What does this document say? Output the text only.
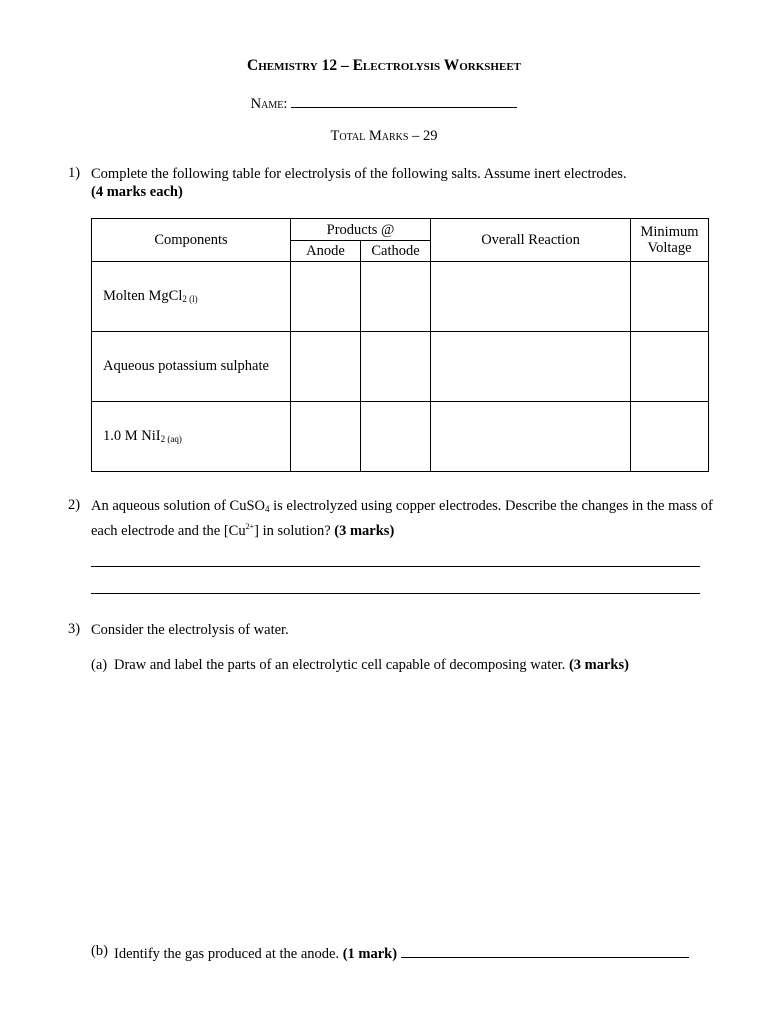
Chemistry 12 – Electrolysis Worksheet
Name:
Total Marks – 29
1) Complete the following table for electrolysis of the following salts. Assume inert electrodes.
(4 marks each)
Components	Products @		Overall Reaction	Minimum
Voltage
	Anode	Cathode		
Molten MgCl$_2$ $_{(l)}$				
Aqueous potassium sulphate				
1.0 M NiI$_2$ $_{(aq)}$				
2) An aqueous solution of CuSO$_4$ is electrolyzed using copper electrodes. Describe the changes in the mass of each electrode and the $[Cu^{2+}]$ in solution? (3 marks)
3) Consider the electrolysis of water.
(a) Draw and label the parts of an electrolytic cell capable of decomposing water. (3 marks)
(b) Identify the gas produced at the anode. (1 mark)
